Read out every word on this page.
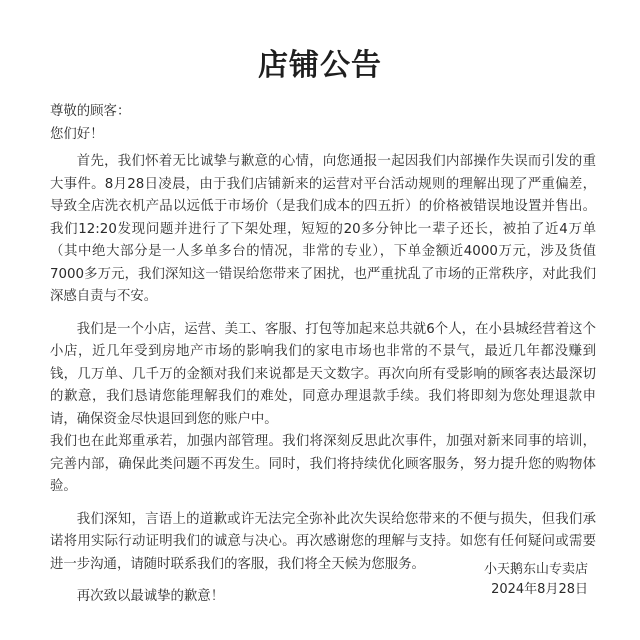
店铺公告

尊敬的顾客：

您们好！

首先，我们怀着无比诚挚与歉意的心情，向您通报一起因我们内部操作失误而引发的重大事件。8月28日凌晨，由于我们店铺新来的运营对平台活动规则的理解出现了严重偏差，导致全店洗衣机产品以远低于市场价（是我们成本的四五折）的价格被错误地设置并售出。我们12:20发现问题并进行了下架处理，短短的20多分钟比一辈子还长，被拍了近4万单（其中绝大部分是一人多单多台的情况，非常的专业），下单金额近4000万元，涉及货值7000多万元，我们深知这一错误给您带来了困扰，也严重扰乱了市场的正常秩序，对此我们深感自责与不安。

我们是一个小店，运营、美工、客服、打包等加起来总共就6个人，在小县城经营着这个小店，近几年受到房地产市场的影响我们的家电市场也非常的不景气，最近几年都没赚到钱，几万单、几千万的金额对我们来说都是天文数字。再次向所有受影响的顾客表达最深切的歉意，我们恳请您能理解我们的难处，同意办理退款手续。我们将即刻为您处理退款申请，确保资金尽快退回到您的账户中。

我们也在此郑重承若，加强内部管理。我们将深刻反思此次事件，加强对新来同事的培训，完善内部，确保此类问题不再发生。同时，我们将持续优化顾客服务，努力提升您的购物体验。

我们深知，言语上的道歉或许无法完全弥补此次失误给您带来的不便与损失，但我们承诺将用实际行动证明我们的诚意与决心。再次感谢您的理解与支持。如您有任何疑问或需要进一步沟通，请随时联系我们的客服，我们将全天候为您服务。

再次致以最诚挚的歉意！

小天鹅东山专卖店
2024年8月28日
